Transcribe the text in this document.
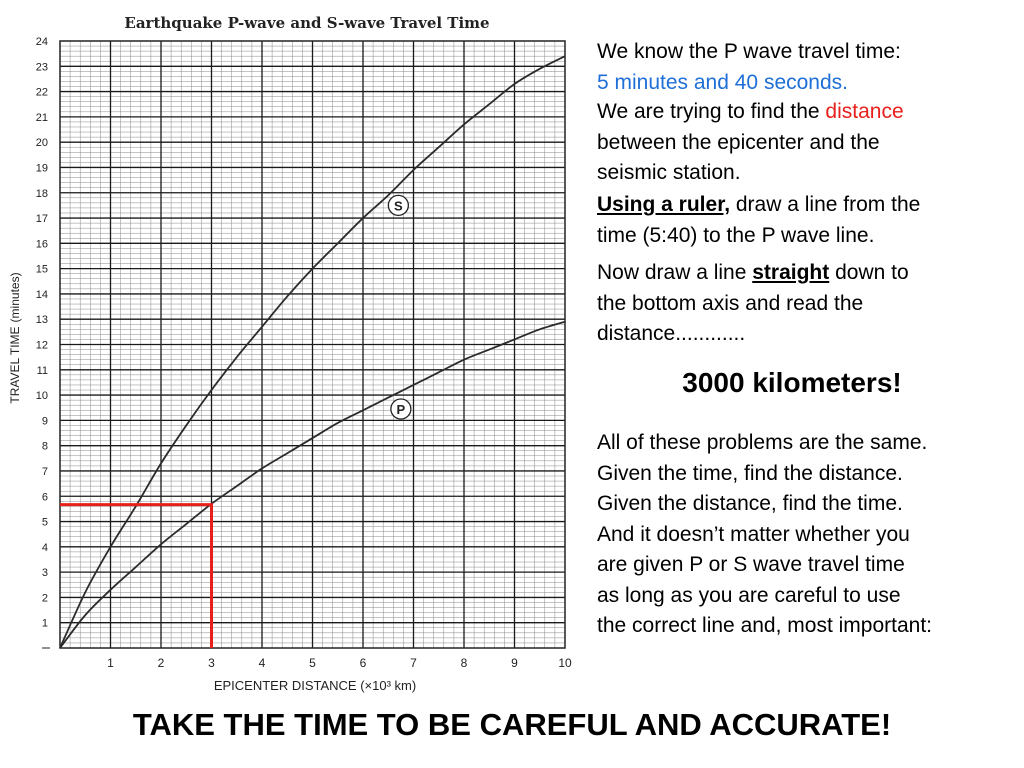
1	2	3	4	5	6	7	8	9	10
1
2
3
4
5
6
7
8
9
10
11
12
13
14
15
16
17
18
19
20
21
22
23
24
S
P
Earthquake P-wave and S-wave Travel Time
EPICENTER DISTANCE (×10³ km)
TRAVEL TIME(minutes)
We know the P wave travel time:
5 minutes and 40 seconds.
We are trying to find the distance
between the epicenter and the
seismic station.
Using a ruler, draw a line from the
time (5:40) to the P wave line.
Now draw a line straight down to
the bottom axis and read the
distance............
3000 kilometers!
All of these problems are the same.
Given the time, find the distance.
Given the distance, find the time.
And it doesn’t matter whether you
are given P or S wave travel time
as long as you are careful to use
the correct line and, most important:
TAKE THE TIME TO BE CAREFUL AND ACCURATE!
